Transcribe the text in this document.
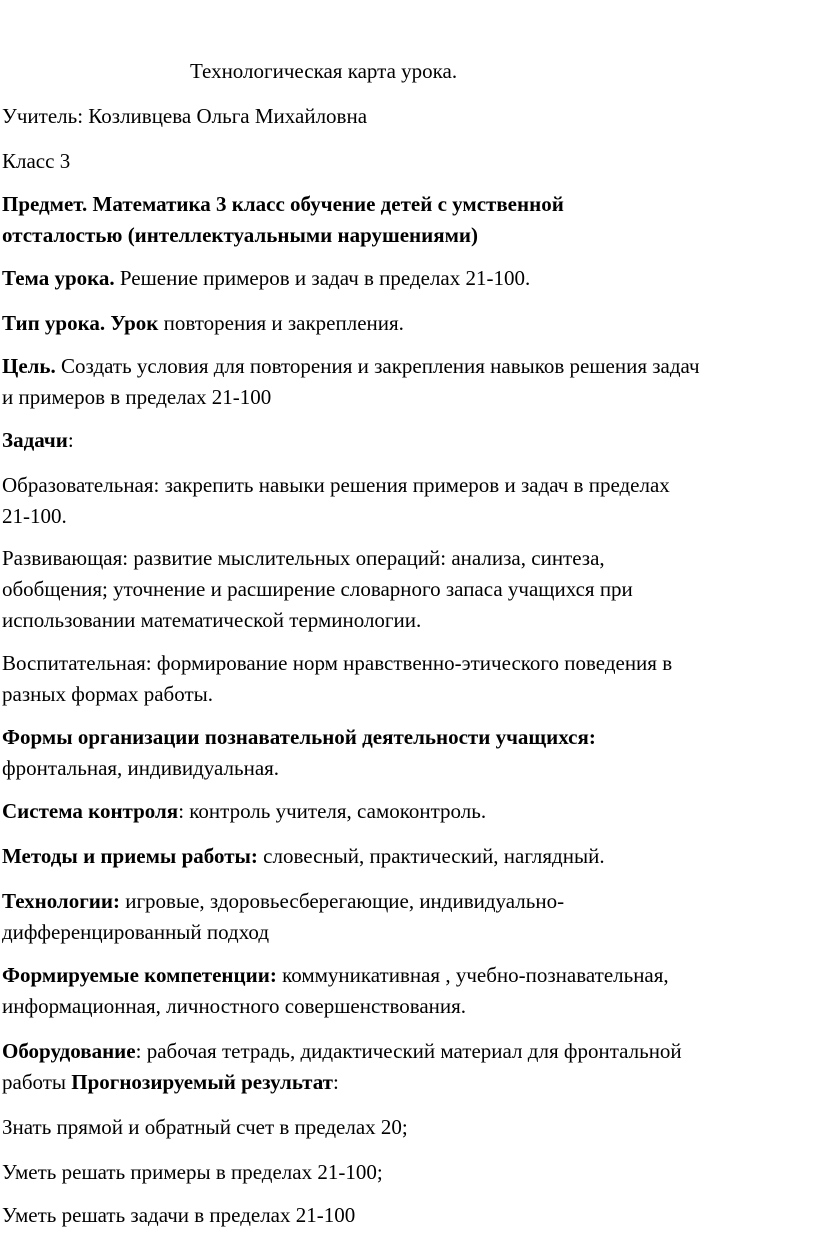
Технологическая карта урока.
Учитель: Козливцева Ольга Михайловна
Класс 3
Предмет. Математика 3 класс обучение детей с умственной
отсталостью (интеллектуальными нарушениями)
Тема урока. Решение примеров и задач в пределах 21-100.
Тип урока. Урок повторения и закрепления.
Цель. Создать условия для повторения и закрепления навыков решения задач
и примеров в пределах 21-100
Задачи:
Образовательная: закрепить навыки решения примеров и задач в пределах
21-100.
Развивающая: развитие мыслительных операций: анализа, синтеза,
обобщения; уточнение и расширение словарного запаса учащихся при
использовании математической терминологии.
Воспитательная: формирование норм нравственно-этического поведения в
разных формах работы.
Формы организации познавательной деятельности учащихся:
фронтальная, индивидуальная.
Система контроля: контроль учителя, самоконтроль.
Методы и приемы работы: словесный, практический, наглядный.
Технологии: игровые, здоровьесберегающие, индивидуально-
дифференцированный подход
Формируемые компетенции: коммуникативная , учебно-познавательная,
информационная, личностного совершенствования.
Оборудование: рабочая тетрадь, дидактический материал для фронтальной
работы Прогнозируемый результат:
Знать прямой и обратный счет в пределах 20;
Уметь решать примеры в пределах 21-100;
Уметь решать задачи в пределах 21-100
